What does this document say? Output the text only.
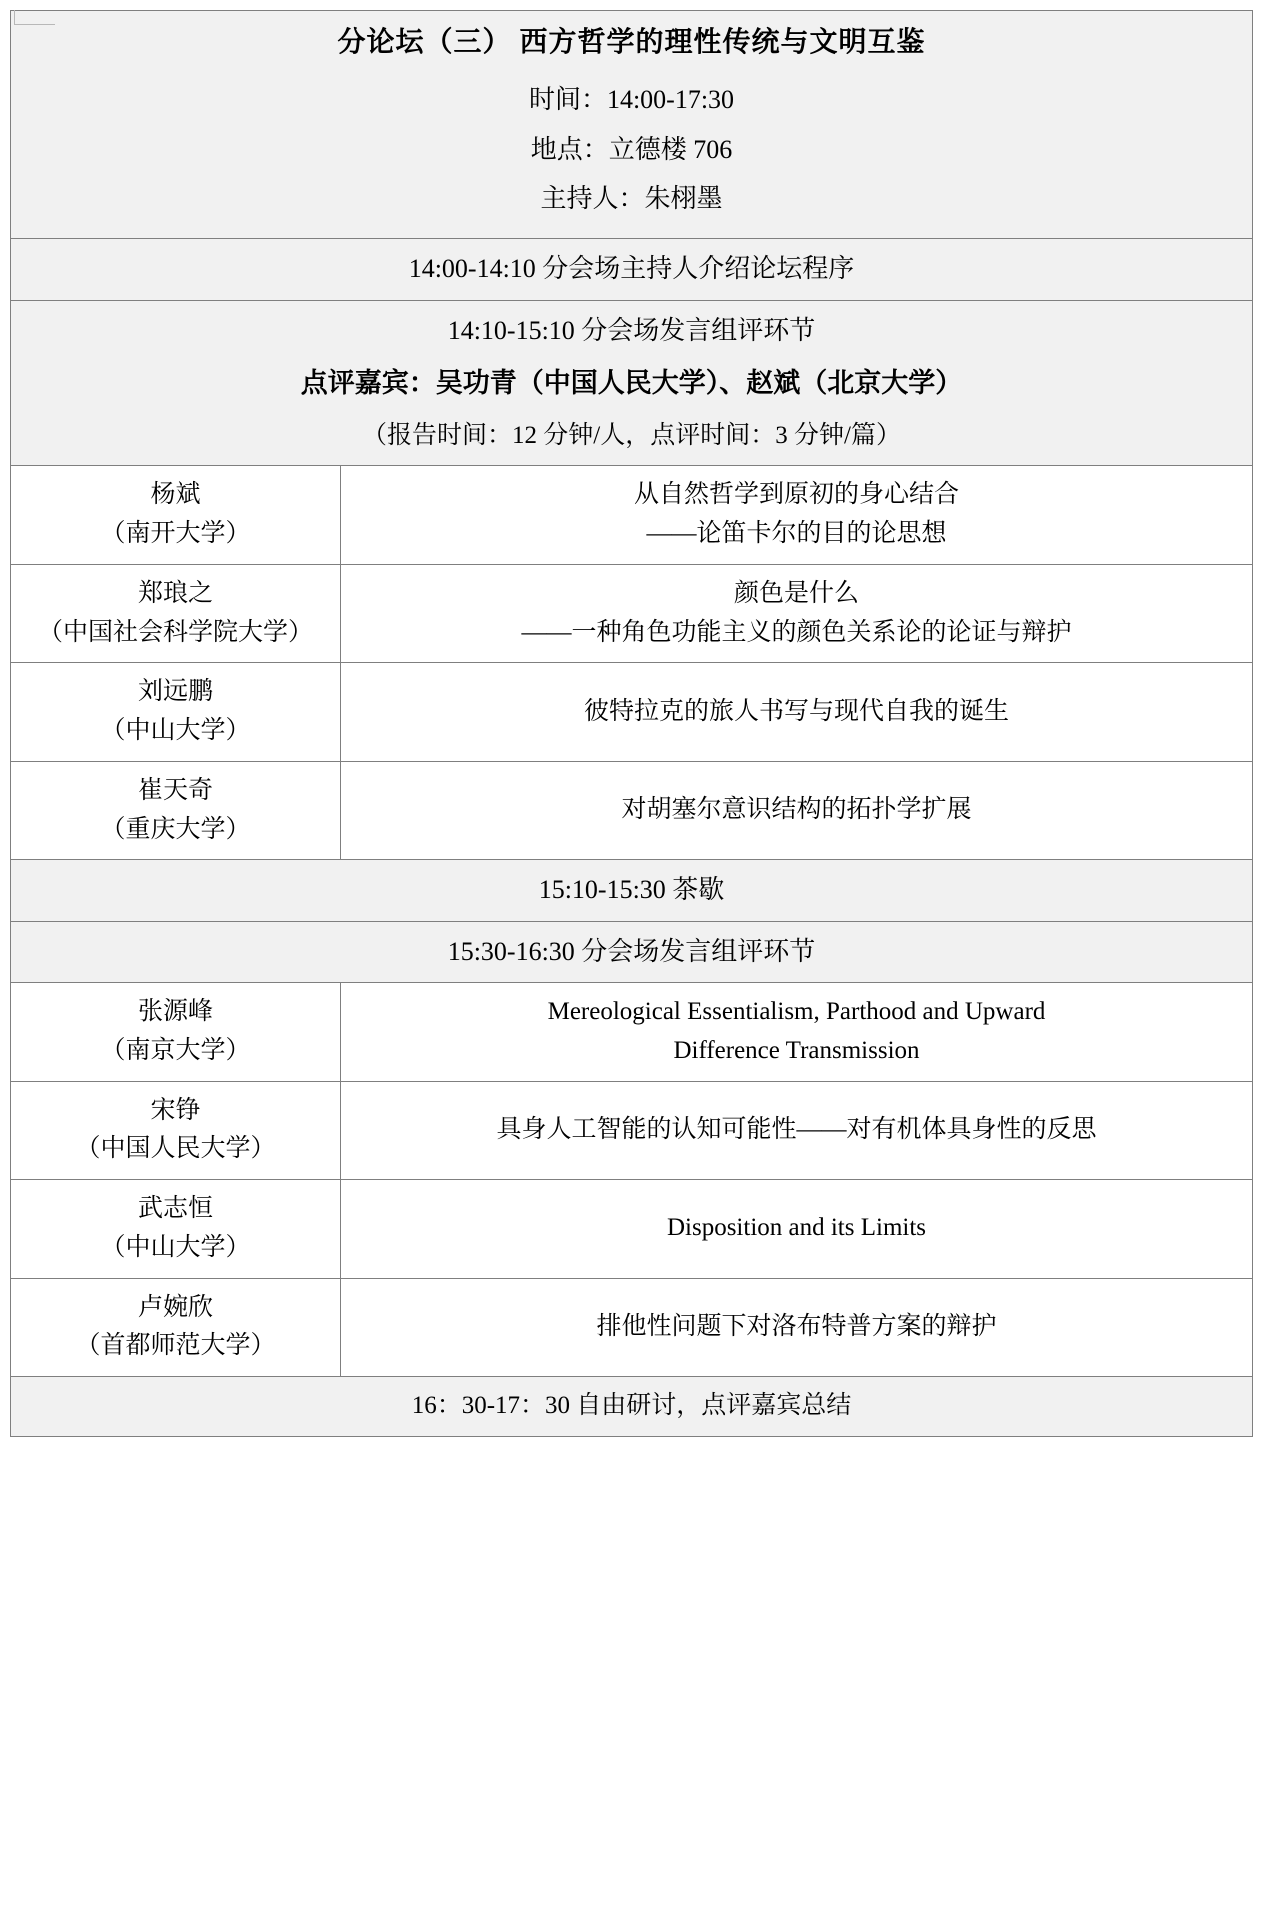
分论坛（三） 西方哲学的理性传统与文明互鉴
时间：14:00-17:30
地点：立德楼 706
主持人：朱栩墨	

14:00-14:10 分会场主持人介绍论坛程序	

14:10-15:10 分会场发言组评环节
点评嘉宾：吴功青（中国人民大学）、赵斌（北京大学）
（报告时间：12 分钟/人，点评时间：3 分钟/篇）	

杨斌
（南开大学）	从自然哲学到原初的身心结合
——论笛卡尔的目的论思想

郑琅之
（中国社会科学院大学）	颜色是什么
——一种角色功能主义的颜色关系论的论证与辩护

刘远鹏
（中山大学）	彼特拉克的旅人书写与现代自我的诞生

崔天奇
（重庆大学）	对胡塞尔意识结构的拓扑学扩展

15:10-15:30 茶歇	

15:30-16:30 分会场发言组评环节	

张源峰
（南京大学）	Mereological Essentialism, Parthood and Upward
Difference Transmission

宋铮
（中国人民大学）	具身人工智能的认知可能性——对有机体具身性的反思

武志恒
（中山大学）	Disposition and its Limits

卢婉欣
（首都师范大学）	排他性问题下对洛布特普方案的辩护

16：30-17：30 自由研讨，点评嘉宾总结	
